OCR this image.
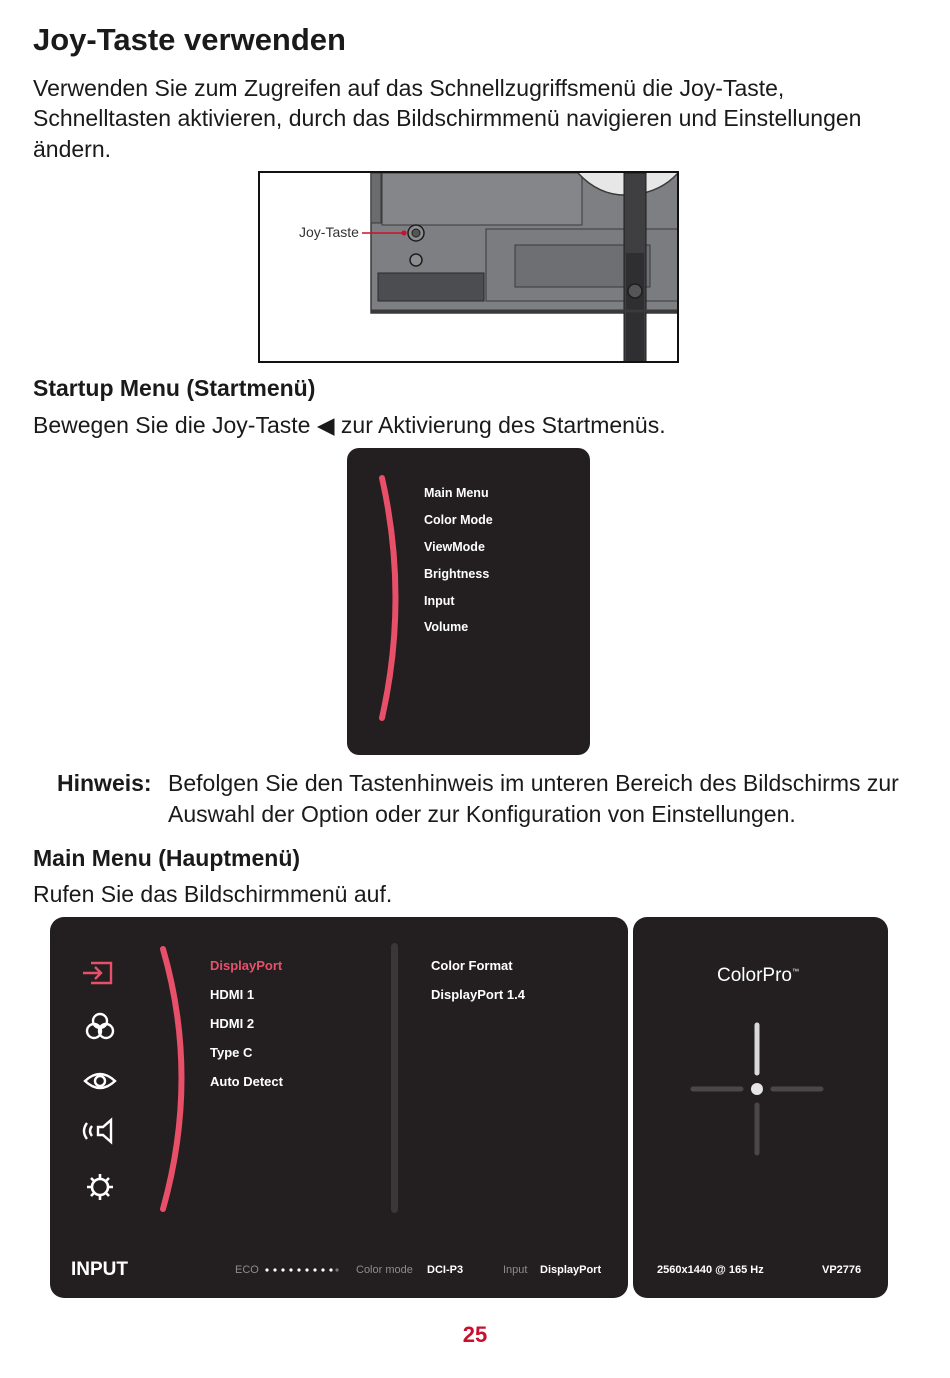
Joy-Taste verwenden

Verwenden Sie zum Zugreifen auf das Schnellzugriffsmenü die Joy-Taste,

Schnelltasten aktivieren, durch das Bildschirmmenü navigieren und Einstellungen

ändern.

Joy-Taste
Startup Menu (Startmenü)

Bewegen Sie die Joy-Taste ◀ zur Aktivierung des Startmenüs.

Main Menu
Color Mode
ViewMode
Brightness
Input
Volume
Hinweis: Befolgen Sie den Tastenhinweis im unteren Bereich des Bildschirms zur
Auswahl der Option oder zur Konfiguration von Einstellungen.
Main Menu (Hauptmenü)

Rufen Sie das Bildschirmmenü auf.

DisplayPort
HDMI 1
HDMI 2
Type C
Auto Detect
Color Format
DisplayPort 1.4
INPUT	ECO	Color mode DCI-P3	Input DisplayPort
ColorPro™
2560x1440 @ 165 Hz	VP2776
25
